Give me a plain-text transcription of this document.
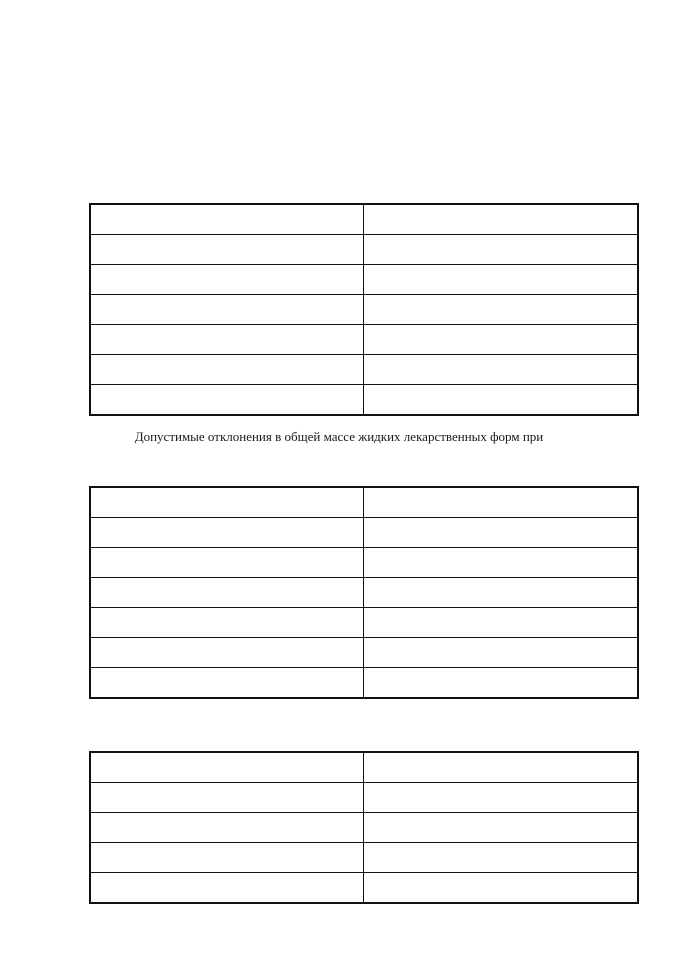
Допустимые отклонения в общей массе жидких лекарственных форм при
